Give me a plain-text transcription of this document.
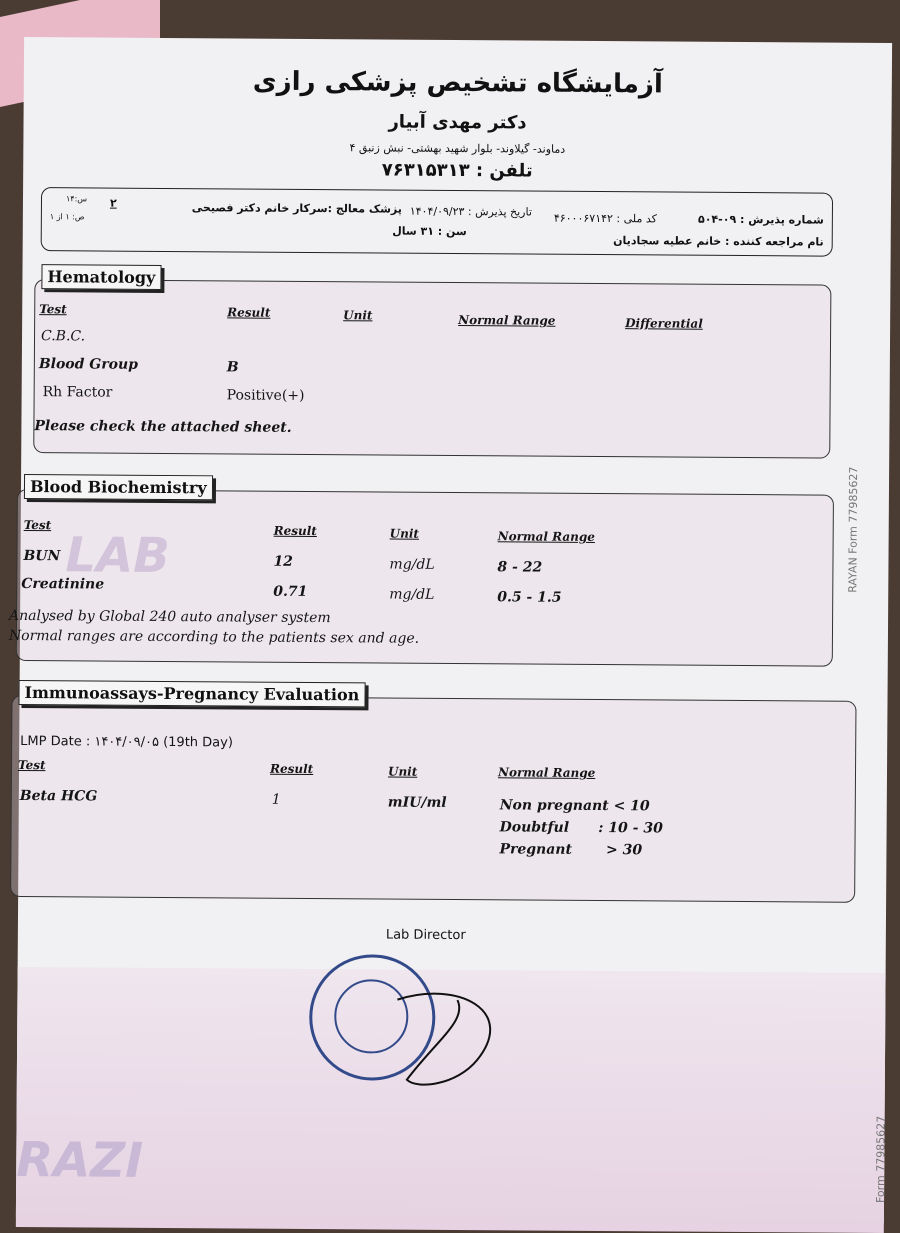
LAB
RAZI
آزمایشگاه تشخیص پزشکی رازی
دکتر مهدی آبیار
دماوند- گیلاوند- بلوار شهید بهشتی- نبش زنبق ۴
تلفن : ۷۶۳۱۵۳۱۳
شماره پذیرش : ۰۹-۵۰۴
کد ملی : ۴۶۰۰۰۶۷۱۴۲
تاریخ پذیرش : ۱۴۰۴/۰۹/۲۳
پزشک معالج :سرکار خانم دکتر فصیحی
سن : ۳۱ سال
نام مراجعه کننده : خانم عطیه سجادیان
۲
س:۱۴
ص: ۱ از ۱
Hematology
Test	Result	Unit	Normal Range	Differential
C.B.C.
Blood Group	B
Rh Factor	Positive(+)
Please check the attached sheet.
Blood Biochemistry
Test	Result	Unit	Normal Range
BUN	12	mg/dL	8 - 22
Creatinine	0.71	mg/dL	0.5 - 1.5
Analysed by Global 240 auto analyser system
Normal ranges are according to the patients sex and age.
Immunoassays-Pregnancy Evaluation
LMP Date : ۱۴۰۴/۰۹/۰۵ (19th Day)
Test	Result	Unit	Normal Range
Beta HCG	1	mIU/ml	Non pregnant < 10
Doubtful      : 10 - 30
Pregnant       > 30
Lab Director
RAYAN Form 77985627
Form 77985627
